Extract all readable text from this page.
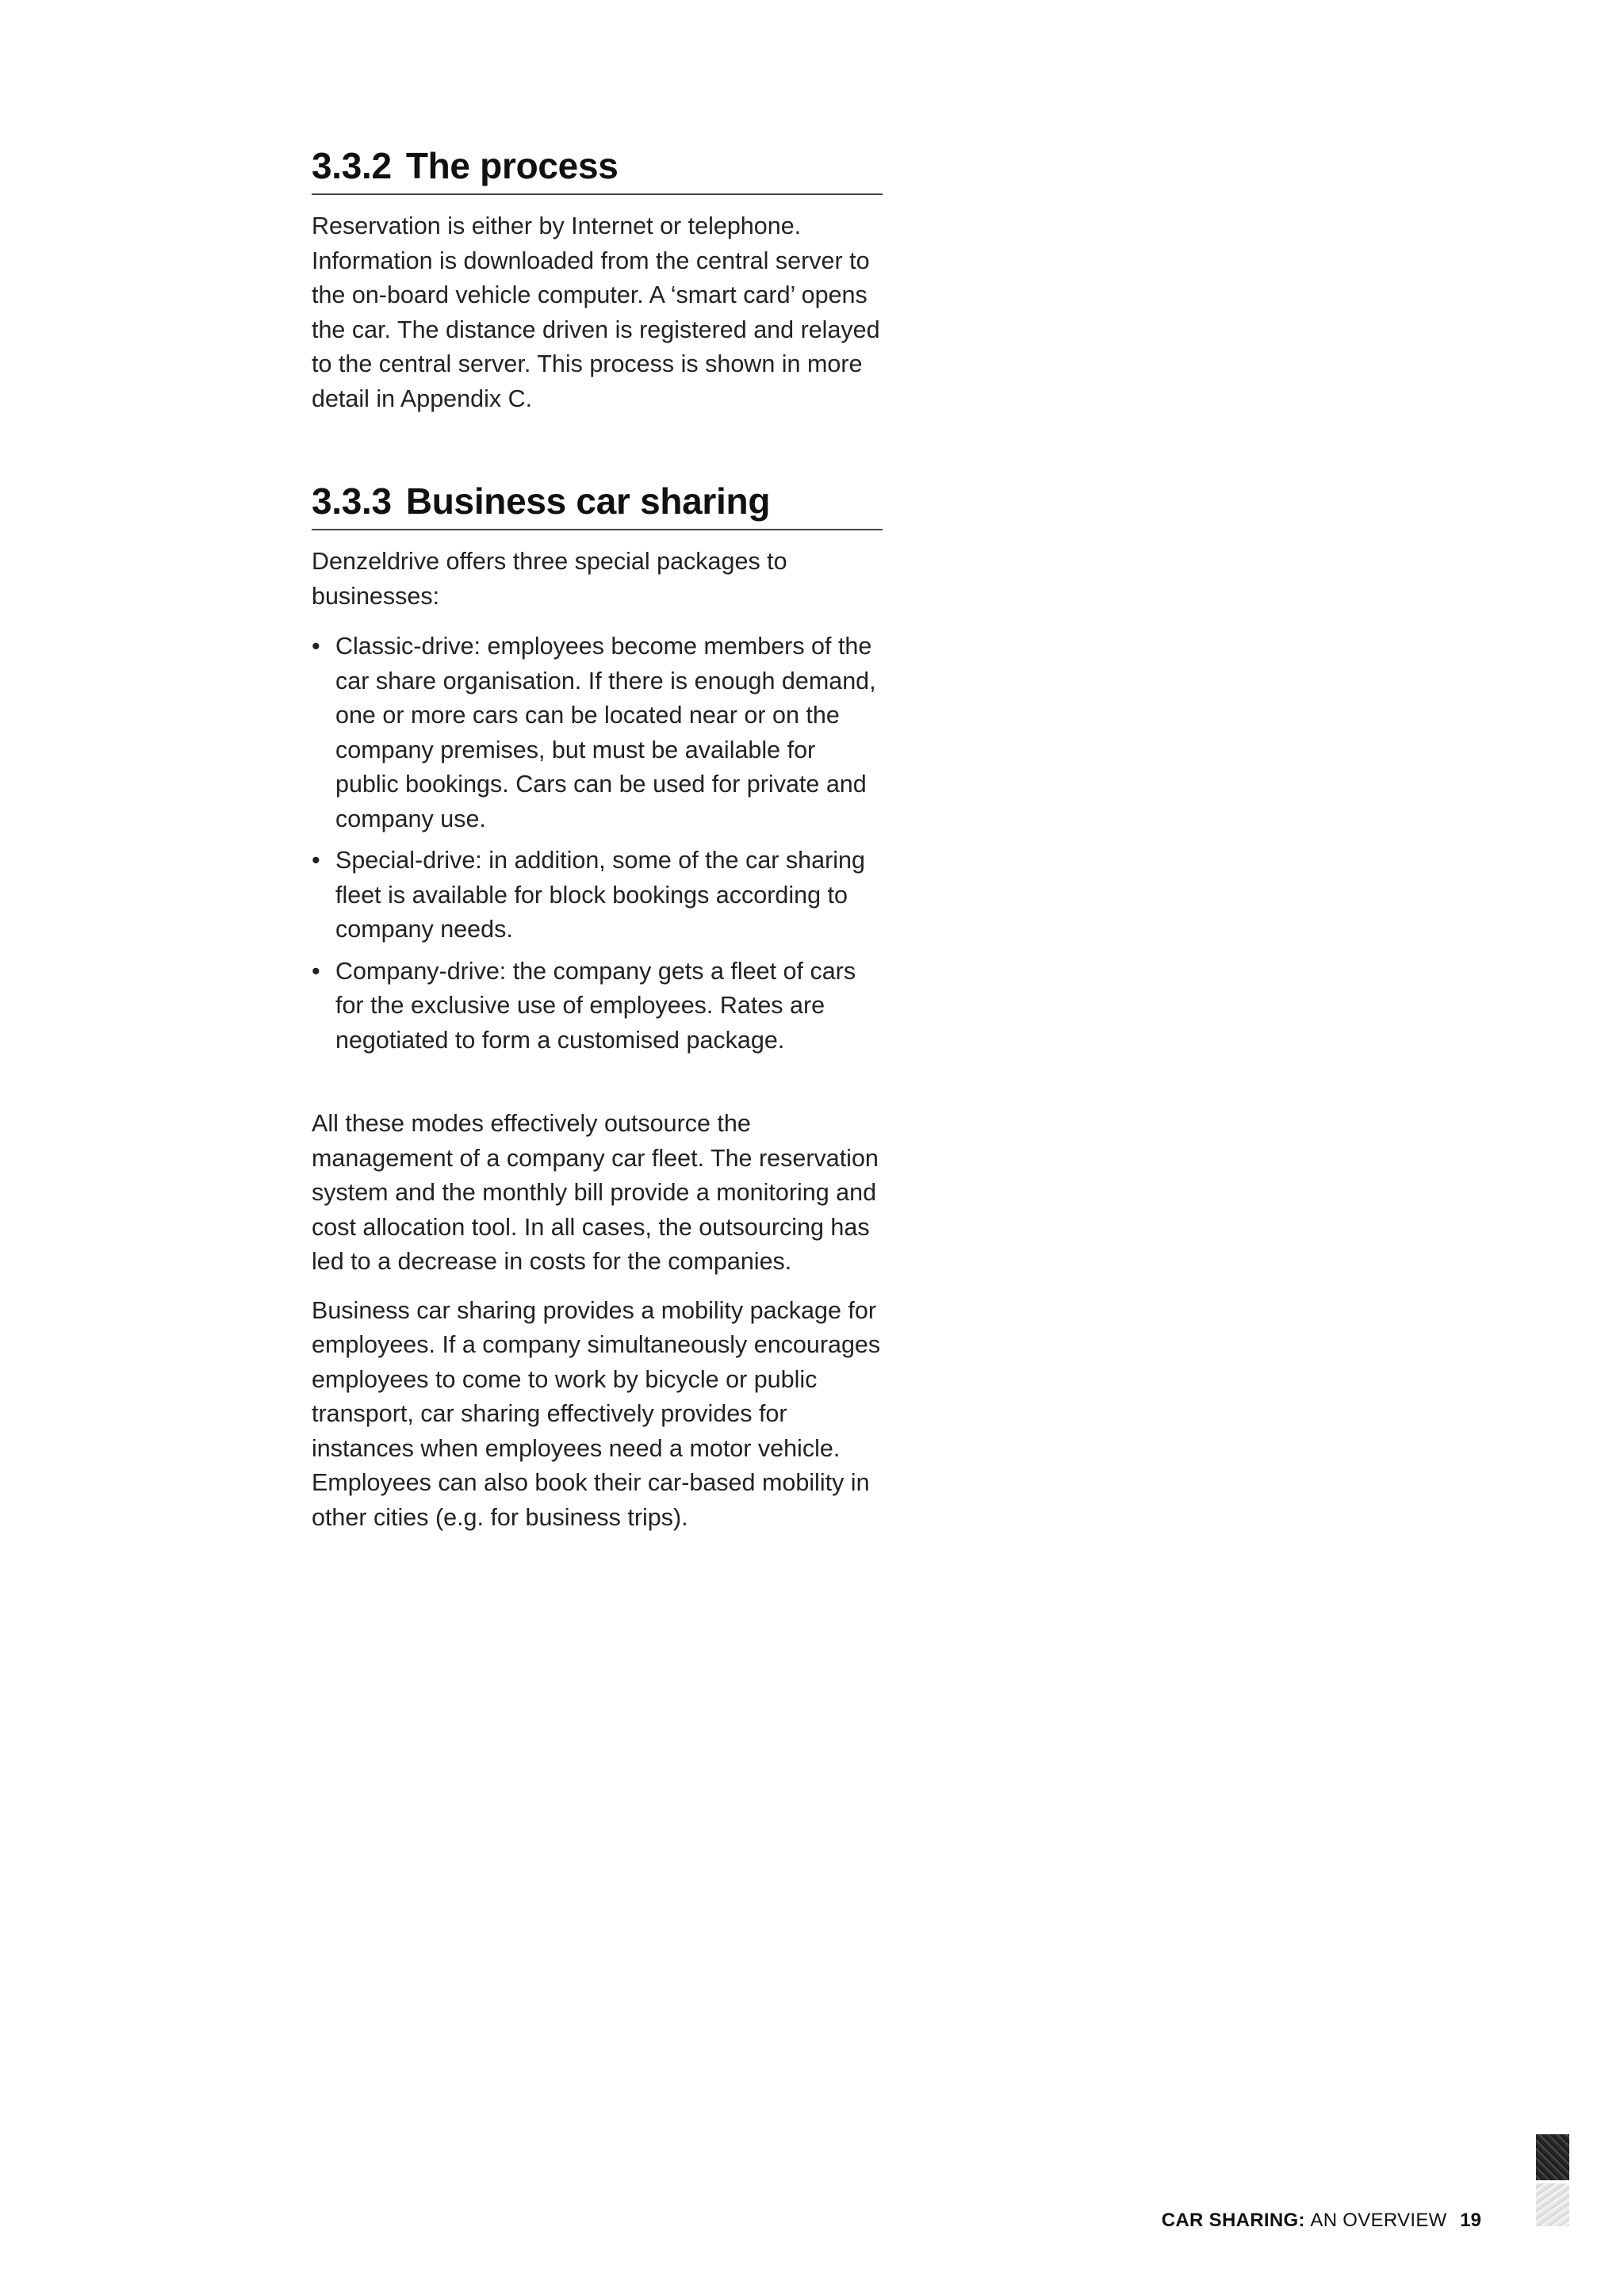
3.3.2 The process

Reservation is either by Internet or telephone. Information is downloaded from the central server to the on-board vehicle computer. A ‘smart card’ opens the car. The distance driven is registered and relayed to the central server. This process is shown in more detail in Appendix C.

3.3.3 Business car sharing

Denzeldrive offers three special packages to businesses:

• Classic-drive: employees become members of the car share organisation. If there is enough demand, one or more cars can be located near or on the company premises, but must be available for public bookings. Cars can be used for private and company use.
• Special-drive: in addition, some of the car sharing fleet is available for block bookings according to company needs.
• Company-drive: the company gets a fleet of cars for the exclusive use of employees. Rates are negotiated to form a customised package.

All these modes effectively outsource the management of a company car fleet. The reservation system and the monthly bill provide a monitoring and cost allocation tool. In all cases, the outsourcing has led to a decrease in costs for the companies.

Business car sharing provides a mobility package for employees. If a company simultaneously encourages employees to come to work by bicycle or public transport, car sharing effectively provides for instances when employees need a motor vehicle. Employees can also book their car-based mobility in other cities (e.g. for business trips).

CAR SHARING: AN OVERVIEW 19
